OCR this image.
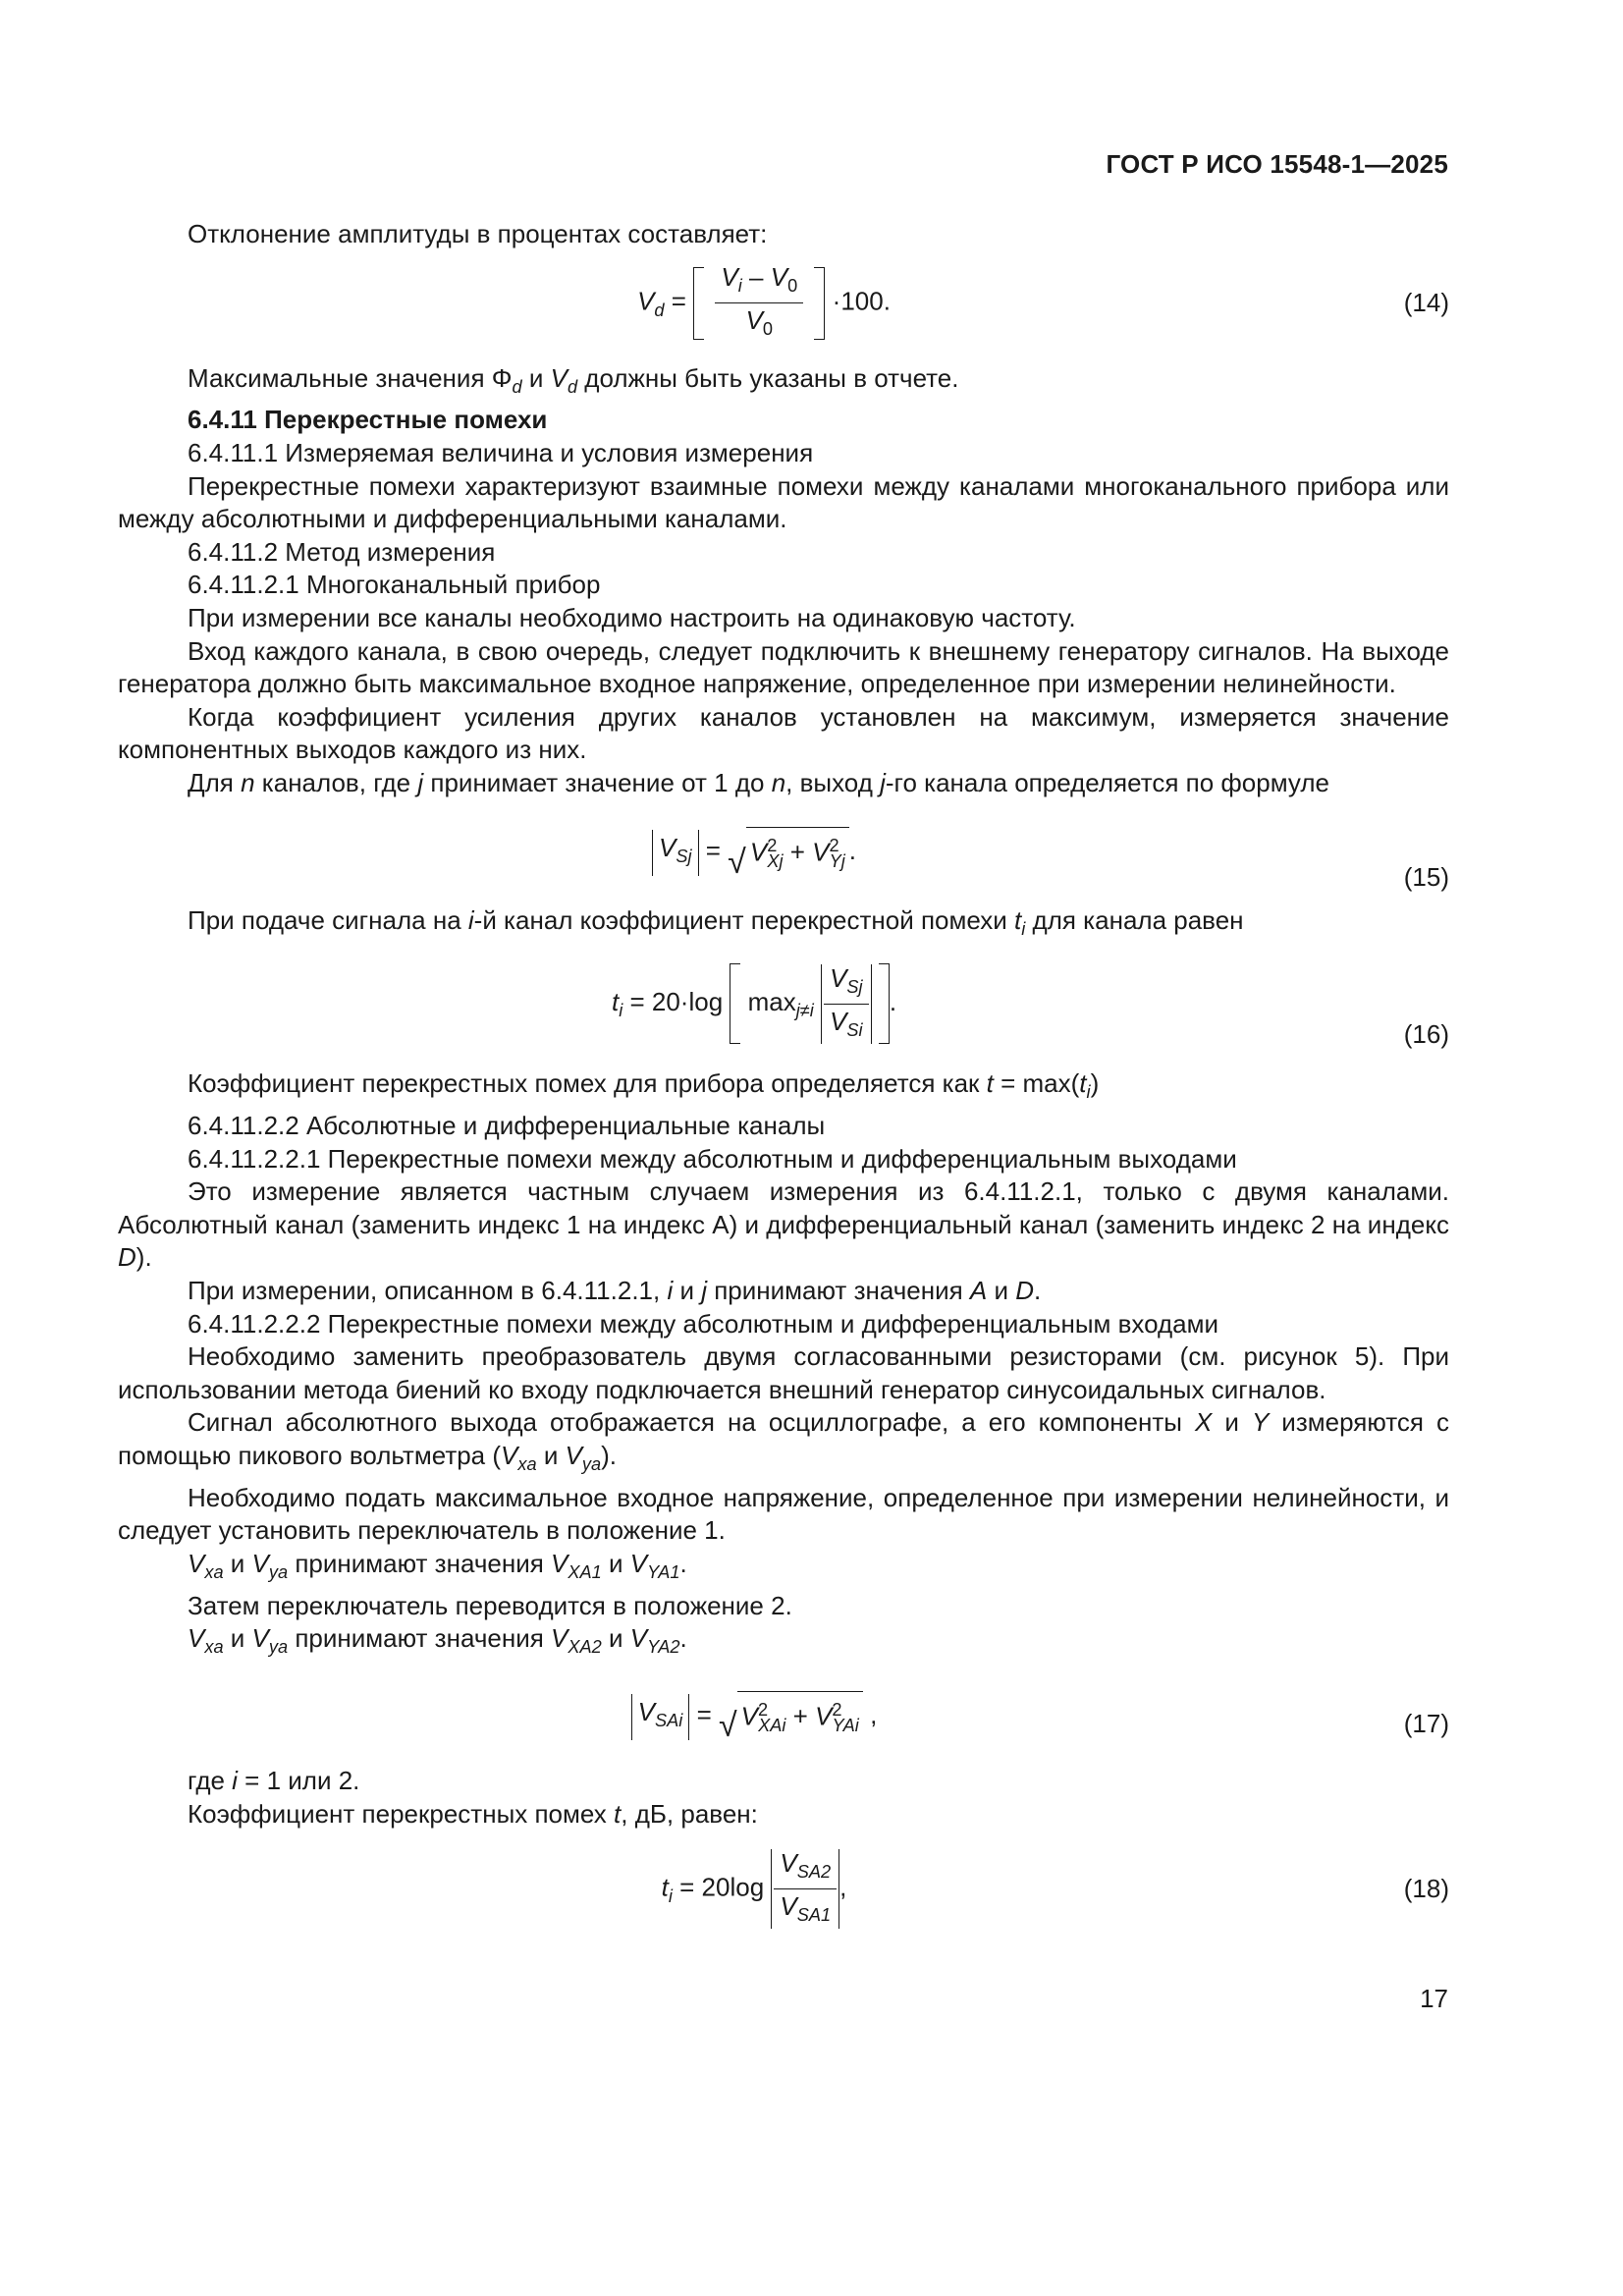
ГОСТ Р ИСО 15548-1—2025

Отклонение амплитуды в процентах составляет:

$V_d = \frac{V_i - V_0}{V_0} \cdot 100$.	(14)

Максимальные значения $\Phi_d$ и $V_d$ должны быть указаны в отчете.

6.4.11 Перекрестные помехи

6.4.11.1 Измеряемая величина и условия измерения

Перекрестные помехи характеризуют взаимные помехи между каналами многоканального прибора или между абсолютными и дифференциальными каналами.

6.4.11.2 Метод измерения

6.4.11.2.1 Многоканальный прибор

При измерении все каналы необходимо настроить на одинаковую частоту.

Вход каждого канала, в свою очередь, следует подключить к внешнему генератору сигналов. На выходе генератора должно быть максимальное входное напряжение, определенное при измерении нелинейности.

Когда коэффициент усиления других каналов установлен на максимум, измеряется значение компонентных выходов каждого из них.

Для n каналов, где j принимает значение от 1 до n, выход j-го канала определяется по формуле

$V_{Sj}$ = √ $V^2_{Xj} + V^2_{Yj}$ .
(15)

При подаче сигнала на i-й канал коэффициент перекрестной помехи $t_i$ для канала равен

$t_i = 20\cdot\log$ $\max_{j\ne i} \frac{V_{Sj}}{V_{Si}}$ .
(16)

Коэффициент перекрестных помех для прибора определяется как $t = \max(t_i)$

6.4.11.2.2 Абсолютные и дифференциальные каналы

6.4.11.2.2.1 Перекрестные помехи между абсолютным и дифференциальным выходами

Это измерение является частным случаем измерения из 6.4.11.2.1, только с двумя каналами. Абсолютный канал (заменить индекс 1 на индекс A) и дифференциальный канал (заменить индекс 2 на индекс D).

При измерении, описанном в 6.4.11.2.1, i и j принимают значения A и D.

6.4.11.2.2.2 Перекрестные помехи между абсолютным и дифференциальным входами

Необходимо заменить преобразователь двумя согласованными резисторами (см. рисунок 5). При использовании метода биений ко входу подключается внешний генератор синусоидальных сигналов.

Сигнал абсолютного выхода отображается на осциллографе, а его компоненты X и Y измеряются с помощью пикового вольтметра ($V_{xa}$ и $V_{ya}$).

Необходимо подать максимальное входное напряжение, определенное при измерении нелинейности, и следует установить переключатель в положение 1.

$V_{xa}$ и $V_{ya}$ принимают значения $V_{XA1}$ и $V_{YA1}$.

Затем переключатель переводится в положение 2.

$V_{xa}$ и $V_{ya}$ принимают значения $V_{XA2}$ и $V_{YA2}$.

$V_{SAi}$ = √ $V^2_{XAi} + V^2_{YAi}$ ,	(17)

где i = 1 или 2.

Коэффициент перекрестных помех t, дБ, равен:

$t_i = 20\log \frac{V_{SA2}}{V_{SA1}}$ ,	(18)
17
